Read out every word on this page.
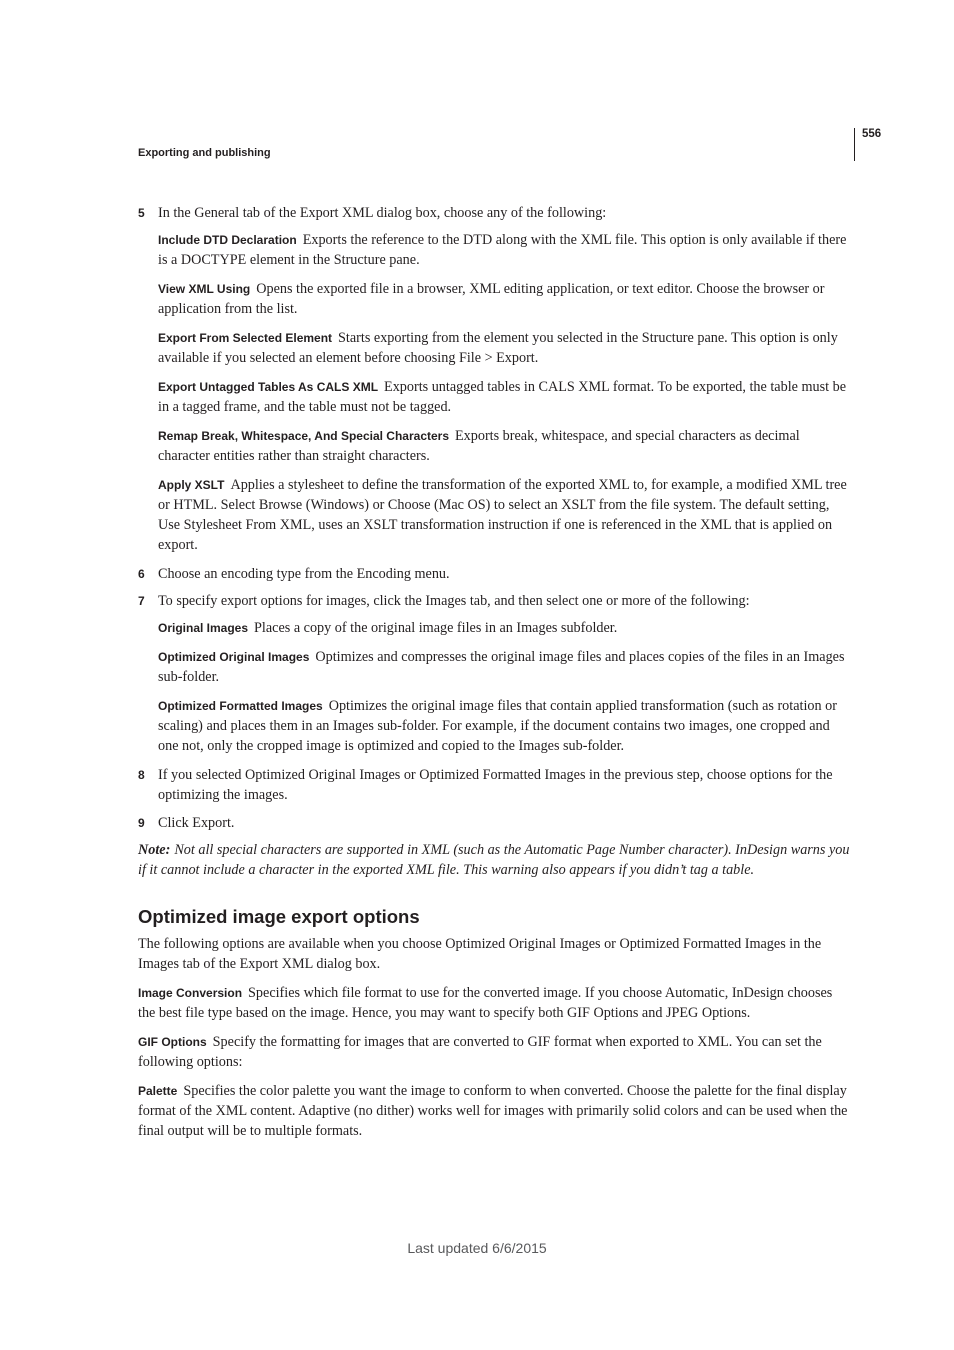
556
Exporting and publishing
5 In the General tab of the Export XML dialog box, choose any of the following:

Include DTD Declaration Exports the reference to the DTD along with the XML file. This option is only available if there is a DOCTYPE element in the Structure pane.

View XML Using Opens the exported file in a browser, XML editing application, or text editor. Choose the browser or application from the list.

Export From Selected Element Starts exporting from the element you selected in the Structure pane. This option is only available if you selected an element before choosing File > Export.

Export Untagged Tables As CALS XML Exports untagged tables in CALS XML format. To be exported, the table must be in a tagged frame, and the table must not be tagged.

Remap Break, Whitespace, And Special Characters Exports break, whitespace, and special characters as decimal character entities rather than straight characters.

Apply XSLT Applies a stylesheet to define the transformation of the exported XML to, for example, a modified XML tree or HTML. Select Browse (Windows) or Choose (Mac OS) to select an XSLT from the file system. The default setting, Use Stylesheet From XML, uses an XSLT transformation instruction if one is referenced in the XML that is applied on export.

6 Choose an encoding type from the Encoding menu.
7 To specify export options for images, click the Images tab, and then select one or more of the following:

Original Images Places a copy of the original image files in an Images subfolder.

Optimized Original Images Optimizes and compresses the original image files and places copies of the files in an Images sub-folder.

Optimized Formatted Images Optimizes the original image files that contain applied transformation (such as rotation or scaling) and places them in an Images sub-folder. For example, if the document contains two images, one cropped and one not, only the cropped image is optimized and copied to the Images sub-folder.

8 If you selected Optimized Original Images or Optimized Formatted Images in the previous step, choose options for the optimizing the images.
9 Click Export.

Note: Not all special characters are supported in XML (such as the Automatic Page Number character). InDesign warns you if it cannot include a character in the exported XML file. This warning also appears if you didn’t tag a table.

Optimized image export options

The following options are available when you choose Optimized Original Images or Optimized Formatted Images in the Images tab of the Export XML dialog box.

Image Conversion Specifies which file format to use for the converted image. If you choose Automatic, InDesign chooses the best file type based on the image. Hence, you may want to specify both GIF Options and JPEG Options.

GIF Options Specify the formatting for images that are converted to GIF format when exported to XML. You can set the following options:

Palette Specifies the color palette you want the image to conform to when converted. Choose the palette for the final display format of the XML content. Adaptive (no dither) works well for images with primarily solid colors and can be used when the final output will be to multiple formats.

Last updated 6/6/2015
